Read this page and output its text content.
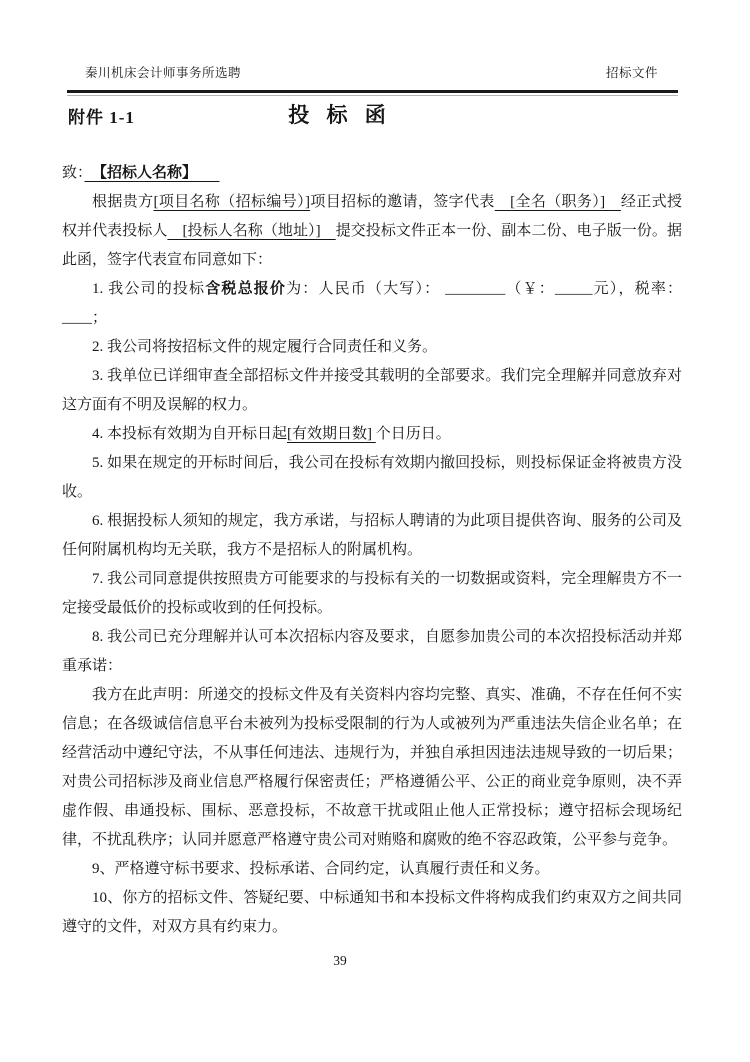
秦川机床会计师事务所选聘	招标文件
投 标 函
附件 1-1

致：　【招标人名称】　　

根据贵方[项目名称（招标编号）]项目招标的邀请，签字代表　[全名（职务）]　经正式授权并代表投标人　[投标人名称（地址）]　提交投标文件正本一份、副本二份、电子版一份。据此函，签字代表宣布同意如下：

1. 我公司的投标含税总报价为：人民币（大写）： ________（￥：_____元），税率：____；

2. 我公司将按招标文件的规定履行合同责任和义务。

3. 我单位已详细审查全部招标文件并接受其载明的全部要求。我们完全理解并同意放弃对这方面有不明及误解的权力。

4. 本投标有效期为自开标日起[有效期日数] 个日历日。

5. 如果在规定的开标时间后，我公司在投标有效期内撤回投标，则投标保证金将被贵方没收。

6. 根据投标人须知的规定，我方承诺，与招标人聘请的为此项目提供咨询、服务的公司及任何附属机构均无关联，我方不是招标人的附属机构。

7. 我公司同意提供按照贵方可能要求的与投标有关的一切数据或资料，完全理解贵方不一定接受最低价的投标或收到的任何投标。

8. 我公司已充分理解并认可本次招标内容及要求，自愿参加贵公司的本次招投标活动并郑重承诺：

我方在此声明：所递交的投标文件及有关资料内容均完整、真实、准确，不存在任何不实信息；在各级诚信信息平台未被列为投标受限制的行为人或被列为严重违法失信企业名单；在经营活动中遵纪守法，不从事任何违法、违规行为，并独自承担因违法违规导致的一切后果；对贵公司招标涉及商业信息严格履行保密责任；严格遵循公平、公正的商业竞争原则，决不弄虚作假、串通投标、围标、恶意投标，不故意干扰或阻止他人正常投标；遵守招标会现场纪律，不扰乱秩序；认同并愿意严格遵守贵公司对贿赂和腐败的绝不容忍政策，公平参与竞争。

9、严格遵守标书要求、投标承诺、合同约定，认真履行责任和义务。

10、你方的招标文件、答疑纪要、中标通知书和本投标文件将构成我们约束双方之间共同遵守的文件，对双方具有约束力。

39
